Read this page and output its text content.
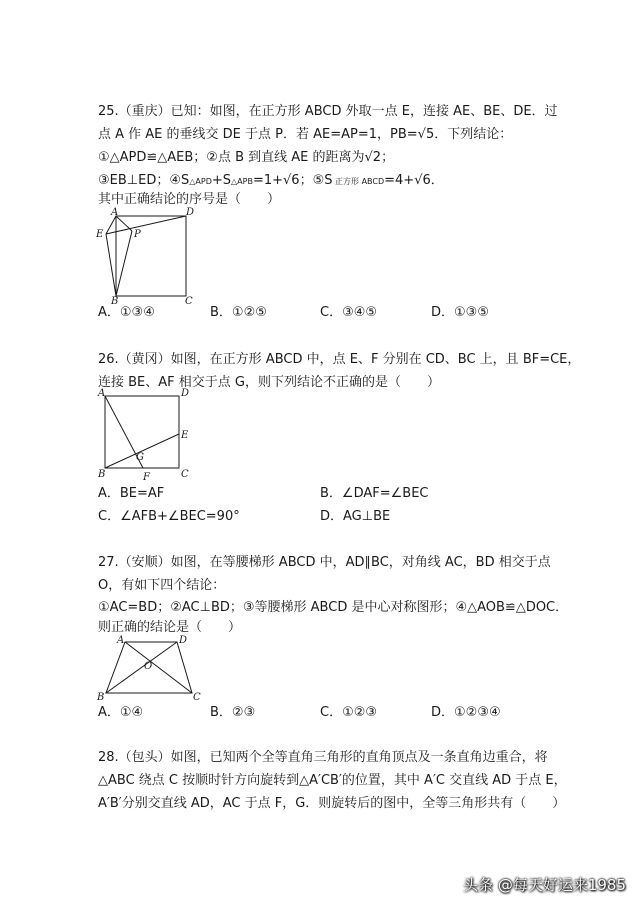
25.（重庆）已知：如图，在正方形 ABCD 外取一点 E，连接 AE、BE、DE．过
点 A 作 AE 的垂线交 DE 于点 P．若 AE=AP=1，PB=√5．下列结论：
①△APD≌△AEB；②点 B 到直线 AE 的距离为√2；
③EB⊥ED；④S△APD+S△APB=1+√6；⑤S 正方形 ABCD=4+√6．
其中正确结论的序号是（　　）
A
E	P
D
B	C
A．①③④	B．①②⑤	C．③④⑤	D．①③⑤
26.（黄冈）如图，在正方形 ABCD 中，点 E、F 分别在 CD、BC 上，且 BF=CE，
连接 BE、AF 相交于点 G，则下列结论不正确的是（　　）
A	D
E
G
B	F	C
A．BE=AF	B．∠DAF=∠BEC
C．∠AFB+∠BEC=90°	D．AG⊥BE
27.（安顺）如图，在等腰梯形 ABCD 中，AD∥BC，对角线 AC，BD 相交于点
O，有如下四个结论：
①AC=BD；②AC⊥BD；③等腰梯形 ABCD 是中心对称图形；④△AOB≌△DOC．
则正确的结论是（　　）
A	D
O
B	C
A．①④	B．②③	C．①②③	D．①②③④
28.（包头）如图，已知两个全等直角三角形的直角顶点及一条直角边重合，将
△ABC 绕点 C 按顺时针方向旋转到△A′CB′的位置，其中 A′C 交直线 AD 于点 E，
A′B′分别交直线 AD，AC 于点 F，G．则旋转后的图中，全等三角形共有（　　）
头条 @每天好运来1985
